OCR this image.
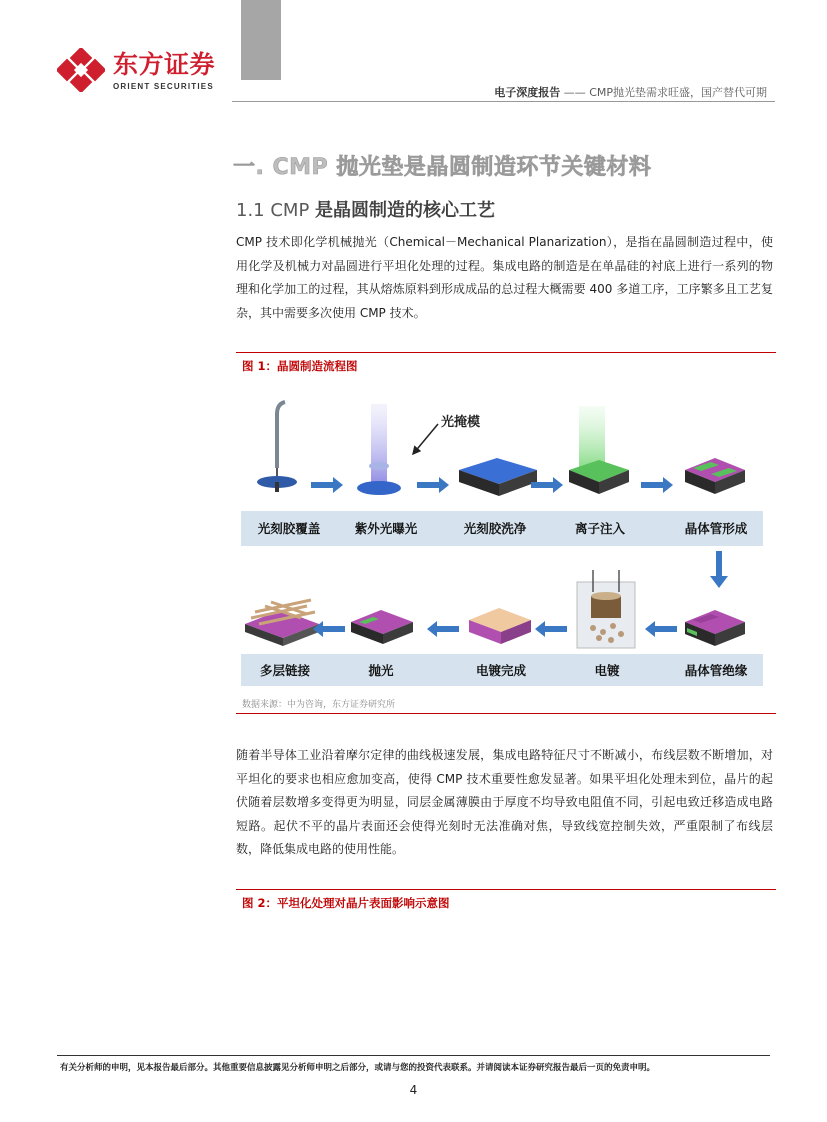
东方证券
ORIENT SECURITIES	电子深度报告 —— CMP抛光垫需求旺盛，国产替代可期
一. CMP 抛光垫是晶圆制造环节关键材料
1.1 CMP 是晶圆制造的核心工艺

CMP 技术即化学机械抛光（Chemical－Mechanical Planarization），是指在晶圆制造过程中，使用化学及机械力对晶圆进行平坦化处理的过程。集成电路的制造是在单晶硅的衬底上进行一系列的物理和化学加工的过程，其从熔炼原料到形成成品的总过程大概需要 400 多道工序，工序繁多且工艺复杂，其中需要多次使用 CMP 技术。

图 1：晶圆制造流程图
光掩模
光刻胶覆盖	紫外光曝光	光刻胶洗净	离子注入	晶体管形成
多层链接	抛光	电镀完成	电镀	晶体管绝缘
数据来源：中为咨询，东方证券研究所

随着半导体工业沿着摩尔定律的曲线极速发展，集成电路特征尺寸不断减小，布线层数不断增加，对平坦化的要求也相应愈加变高，使得 CMP 技术重要性愈发显著。如果平坦化处理未到位，晶片的起伏随着层数增多变得更为明显，同层金属薄膜由于厚度不均导致电阻值不同，引起电致迁移造成电路短路。起伏不平的晶片表面还会使得光刻时无法准确对焦，导致线宽控制失效，严重限制了布线层数，降低集成电路的使用性能。

图 2：平坦化处理对晶片表面影响示意图
有关分析师的申明，见本报告最后部分。其他重要信息披露见分析师申明之后部分，或请与您的投资代表联系。并请阅读本证券研究报告最后一页的免责申明。
4
